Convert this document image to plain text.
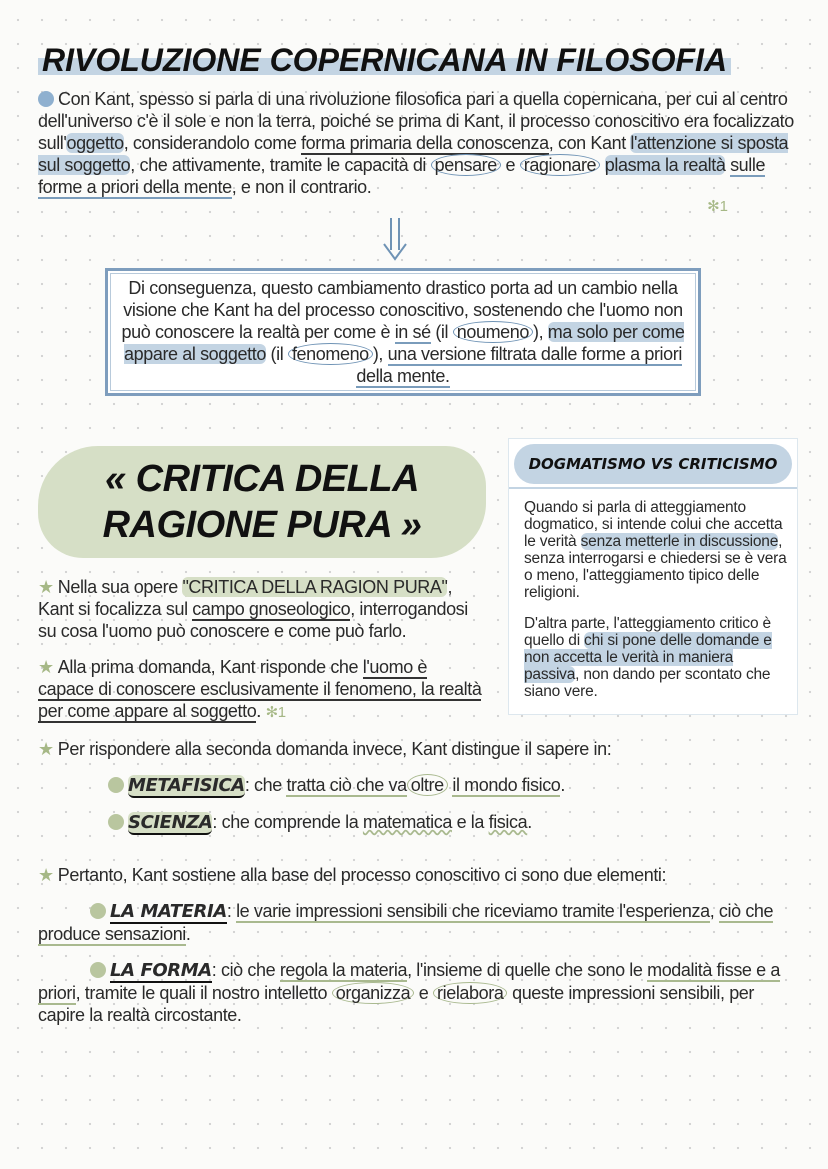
RIVOLUZIONE COPERNICANA IN FILOSOFIA
Con Kant, spesso si parla di una rivoluzione filosofica pari a quella copernicana, per cui al centro dell'universo c'è il sole e non la terra, poiché se prima di Kant, il processo conoscitivo era focalizzato sull'oggetto, considerandolo come forma primaria della conoscenza, con Kant l'attenzione si sposta sul soggetto, che attivamente, tramite le capacità di pensare e ragionare plasma la realtà sulle forme a priori della mente, e non il contrario.
✻1
Di conseguenza, questo cambiamento drastico porta ad un cambio nella visione che Kant ha del processo conoscitivo, sostenendo che l'uomo non può conoscere la realtà per come è in sé (il noumeno ), ma solo per come appare al soggetto (il fenomeno ), una versione filtrata dalle forme a priori della mente.
« CRITICA DELLA RAGIONE PURA »
★ Nella sua opere "CRITICA DELLA RAGION PURA", Kant si focalizza sul campo gnoseologico, interrogandosi su cosa l'uomo può conoscere e come può farlo.
★ Alla prima domanda, Kant risponde che l'uomo è capace di conoscere esclusivamente il fenomeno, la realtà per come appare al soggetto. ✻1
DOGMATISMO VS CRITICISMO
Quando si parla di atteggiamento dogmatico, si intende colui che accetta le verità senza metterle in discussione, senza interrogarsi e chiedersi se è vera o meno, l'atteggiamento tipico delle religioni.
D'altra parte, l'atteggiamento critico è quello di chi si pone delle domande e non accetta le verità in maniera passiva, non dando per scontato che siano vere.
★ Per rispondere alla seconda domanda invece, Kant distingue il sapere in:
METAFISICA: che tratta ciò che va oltre il mondo fisico.
SCIENZA: che comprende la matematica e la fisica.
★ Pertanto, Kant sostiene alla base del processo conoscitivo ci sono due elementi:
LA MATERIA: le varie impressioni sensibili che riceviamo tramite l'esperienza, ciò che produce sensazioni.
LA FORMA: ciò che regola la materia, l'insieme di quelle che sono le modalità fisse e a priori, tramite le quali il nostro intelletto organizza e rielabora queste impressioni sensibili, per capire la realtà circostante.
